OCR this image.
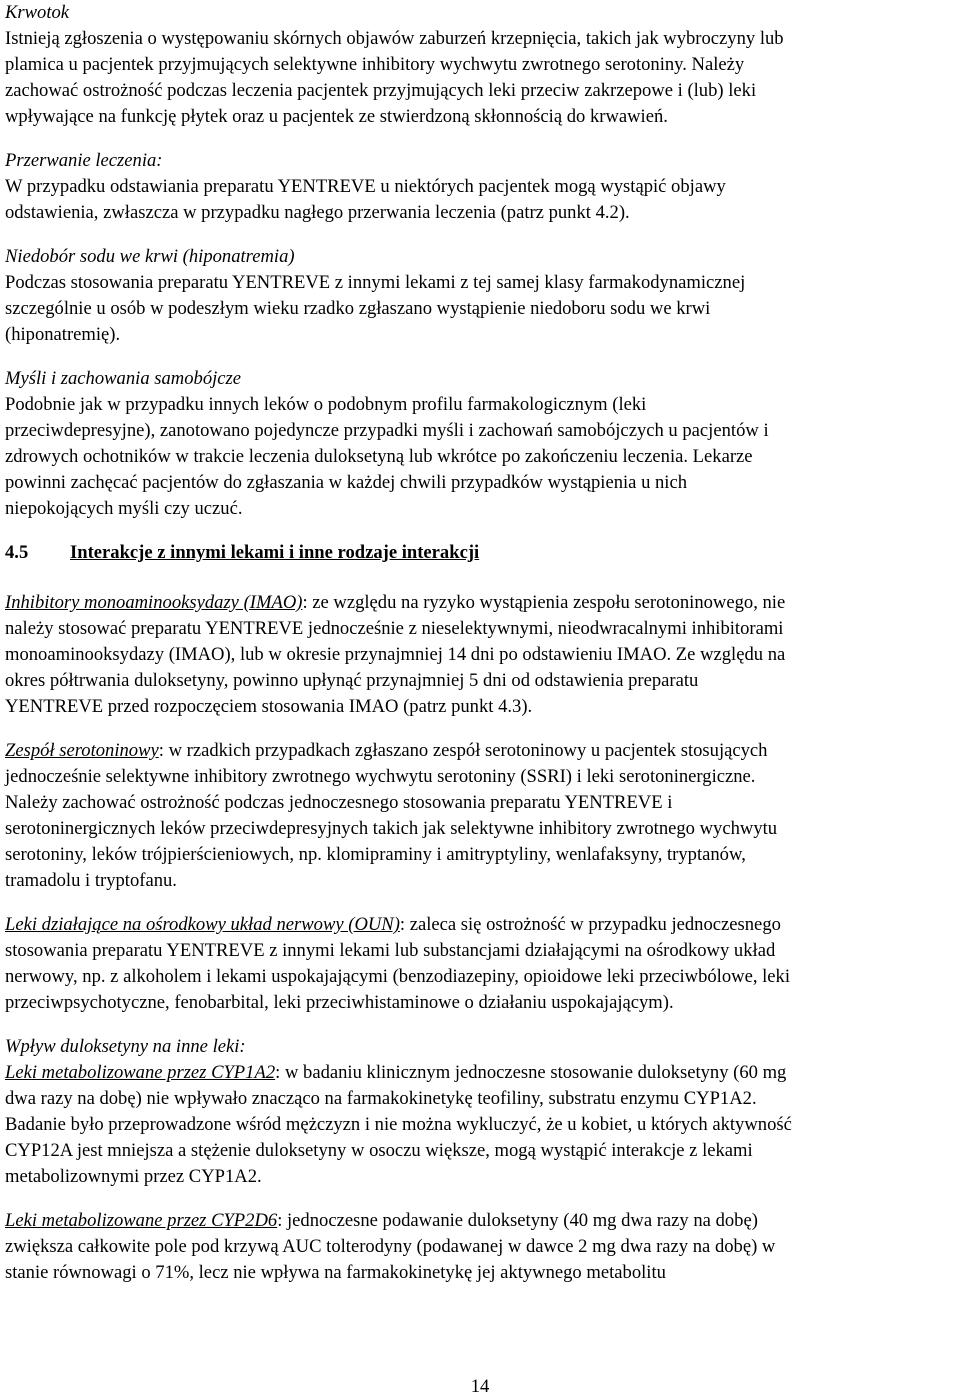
Krwotok
Istnieją zgłoszenia o występowaniu skórnych objawów zaburzeń krzepnięcia, takich jak wybroczyny lub
plamica u pacjentek przyjmujących selektywne inhibitory wychwytu zwrotnego serotoniny. Należy
zachować ostrożność podczas leczenia pacjentek przyjmujących leki przeciw zakrzepowe i (lub) leki
wpływające na funkcję płytek oraz u pacjentek ze stwierdzoną skłonnością do krwawień.
Przerwanie leczenia:
W przypadku odstawiania preparatu YENTREVE u niektórych pacjentek mogą wystąpić objawy
odstawienia, zwłaszcza w przypadku nagłego przerwania leczenia (patrz punkt 4.2).
Niedobór sodu we krwi (hiponatremia)
Podczas stosowania preparatu YENTREVE z innymi lekami z tej samej klasy farmakodynamicznej
szczególnie u osób w podeszłym wieku rzadko zgłaszano wystąpienie niedoboru sodu we krwi
(hiponatremię).
Myśli i zachowania samobójcze
Podobnie jak w przypadku innych leków o podobnym profilu farmakologicznym (leki
przeciwdepresyjne), zanotowano pojedyncze przypadki myśli i zachowań samobójczych u pacjentów i
zdrowych ochotników w trakcie leczenia duloksetyną lub wkrótce po zakończeniu leczenia. Lekarze
powinni zachęcać pacjentów do zgłaszania w każdej chwili przypadków wystąpienia u nich
niepokojących myśli czy uczuć.
4.5 Interakcje z innymi lekami i inne rodzaje interakcji
Inhibitory monoaminooksydazy (IMAO): ze względu na ryzyko wystąpienia zespołu serotoninowego, nie
należy stosować preparatu YENTREVE jednocześnie z nieselektywnymi, nieodwracalnymi inhibitorami
monoaminooksydazy (IMAO), lub w okresie przynajmniej 14 dni po odstawieniu IMAO. Ze względu na
okres półtrwania duloksetyny, powinno upłynąć przynajmniej 5 dni od odstawienia preparatu
YENTREVE przed rozpoczęciem stosowania IMAO (patrz punkt 4.3).
Zespół serotoninowy: w rzadkich przypadkach zgłaszano zespół serotoninowy u pacjentek stosujących
jednocześnie selektywne inhibitory zwrotnego wychwytu serotoniny (SSRI) i leki serotoninergiczne.
Należy zachować ostrożność podczas jednoczesnego stosowania preparatu YENTREVE i
serotoninergicznych leków przeciwdepresyjnych takich jak selektywne inhibitory zwrotnego wychwytu
serotoniny, leków trójpierścieniowych, np. klomipraminy i amitryptyliny, wenlafaksyny, tryptanów,
tramadolu i tryptofanu.
Leki działające na ośrodkowy układ nerwowy (OUN): zaleca się ostrożność w przypadku jednoczesnego
stosowania preparatu YENTREVE z innymi lekami lub substancjami działającymi na ośrodkowy układ
nerwowy, np. z alkoholem i lekami uspokajającymi (benzodiazepiny, opioidowe leki przeciwbólowe, leki
przeciwpsychotyczne, fenobarbital, leki przeciwhistaminowe o działaniu uspokajającym).
Wpływ duloksetyny na inne leki:
Leki metabolizowane przez CYP1A2: w badaniu klinicznym jednoczesne stosowanie duloksetyny (60 mg
dwa razy na dobę) nie wpływało znacząco na farmakokinetykę teofiliny, substratu enzymu CYP1A2.
Badanie było przeprowadzone wśród mężczyzn i nie można wykluczyć, że u kobiet, u których aktywność
CYP12A jest mniejsza a stężenie duloksetyny w osoczu większe, mogą wystąpić interakcje z lekami
metabolizownymi przez CYP1A2.
Leki metabolizowane przez CYP2D6: jednoczesne podawanie duloksetyny (40 mg dwa razy na dobę)
zwiększa całkowite pole pod krzywą AUC tolterodyny (podawanej w dawce 2 mg dwa razy na dobę) w
stanie równowagi o 71%, lecz nie wpływa na farmakokinetykę jej aktywnego metabolitu
14
